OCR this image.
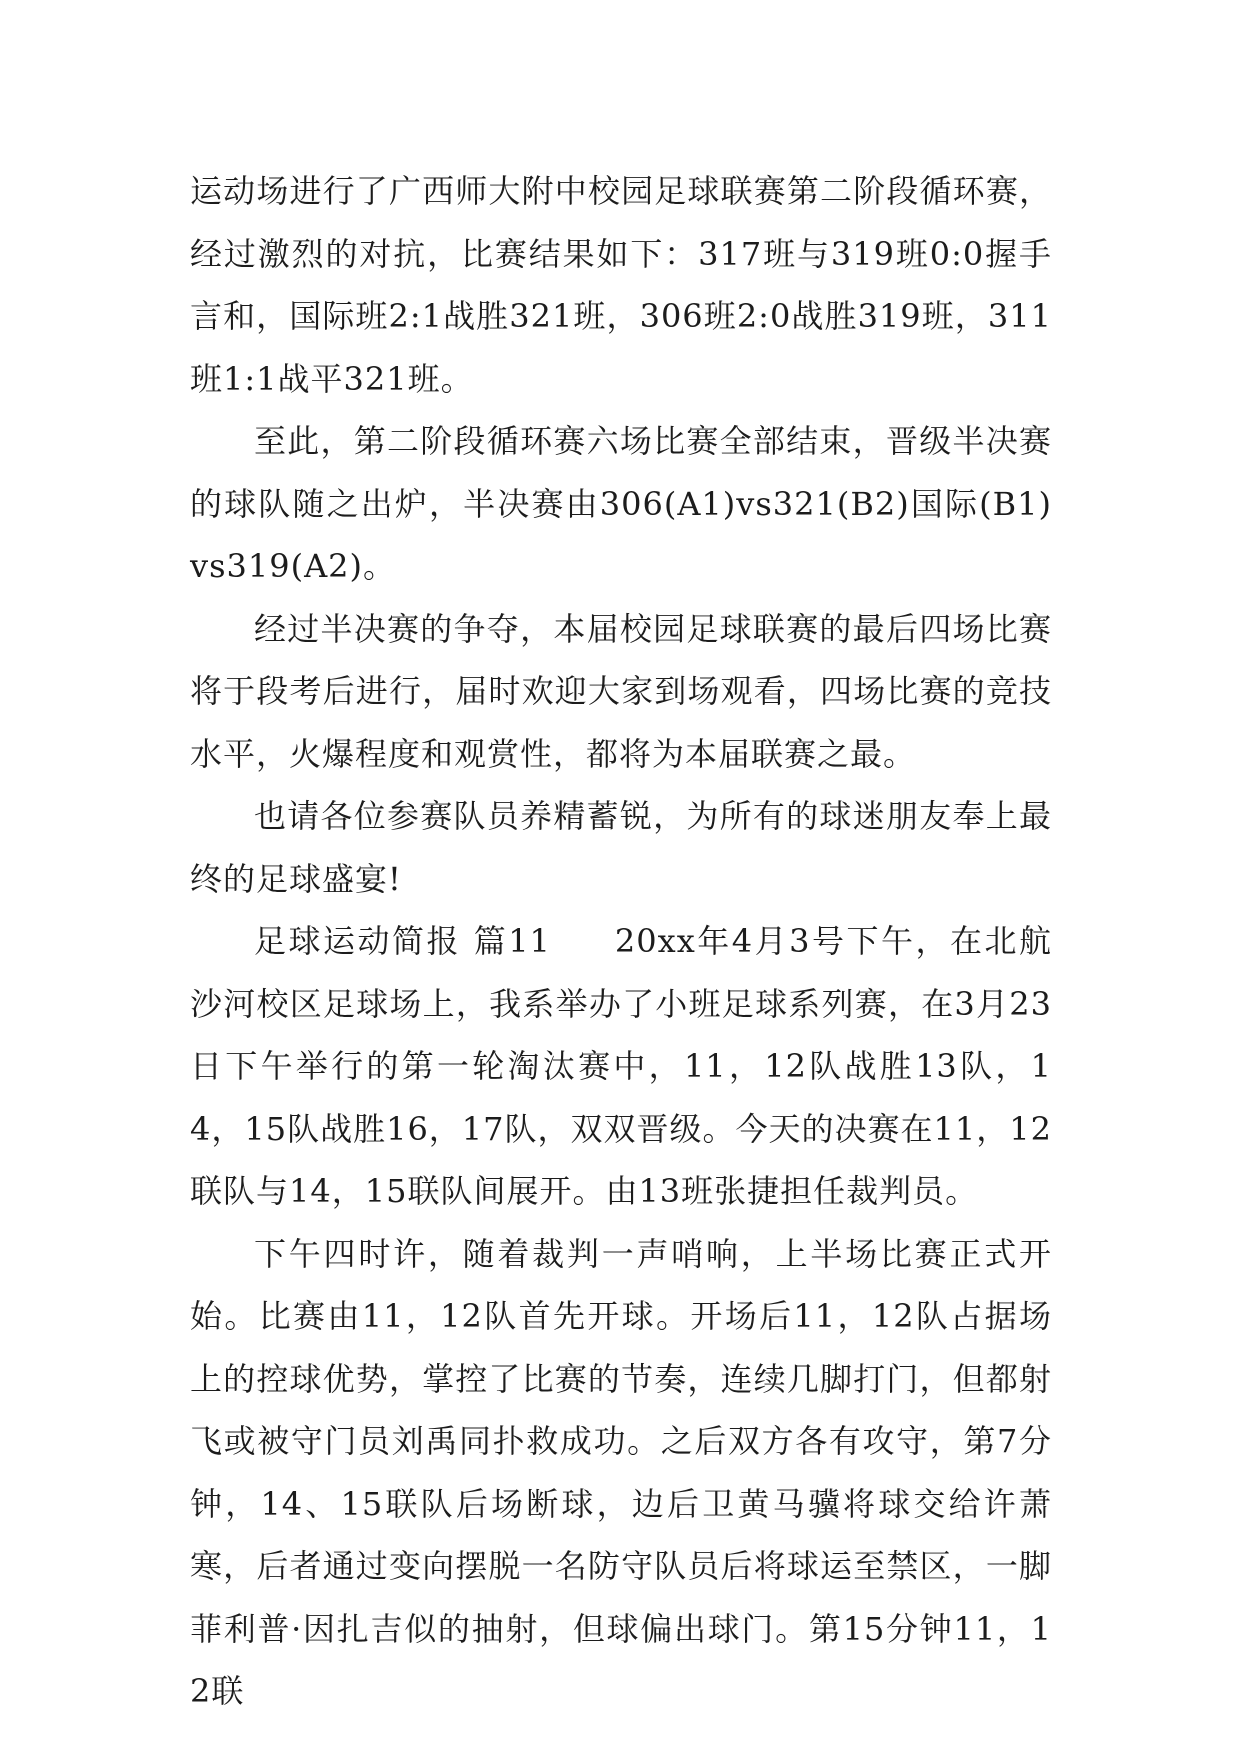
运动场进行了广西师大附中校园足球联赛第二阶段循环赛，经过激烈的对抗，比赛结果如下：317班与319班0:0握手言和，国际班2:1战胜321班，306班2:0战胜319班，311班1:1战平321班。

至此，第二阶段循环赛六场比赛全部结束，晋级半决赛的球队随之出炉，半决赛由306(A1)vs321(B2)国际(B1)vs319(A2)。

经过半决赛的争夺，本届校园足球联赛的最后四场比赛将于段考后进行，届时欢迎大家到场观看，四场比赛的竞技水平，火爆程度和观赏性，都将为本届联赛之最。

也请各位参赛队员养精蓄锐，为所有的球迷朋友奉上最终的足球盛宴!

足球运动简报 篇11 20xx年4月3号下午，在北航沙河校区足球场上，我系举办了小班足球系列赛，在3月23日下午举行的第一轮淘汰赛中，11，12队战胜13队，14，15队战胜16，17队，双双晋级。今天的决赛在11，12联队与14，15联队间展开。由13班张捷担任裁判员。

下午四时许，随着裁判一声哨响，上半场比赛正式开始。比赛由11，12队首先开球。开场后11，12队占据场上的控球优势，掌控了比赛的节奏，连续几脚打门，但都射飞或被守门员刘禹同扑救成功。之后双方各有攻守，第7分钟，14、15联队后场断球，边后卫黄马骥将球交给许萧寒，后者通过变向摆脱一名防守队员后将球运至禁区，一脚菲利普·因扎吉似的抽射，但球偏出球门。第15分钟11，12联
